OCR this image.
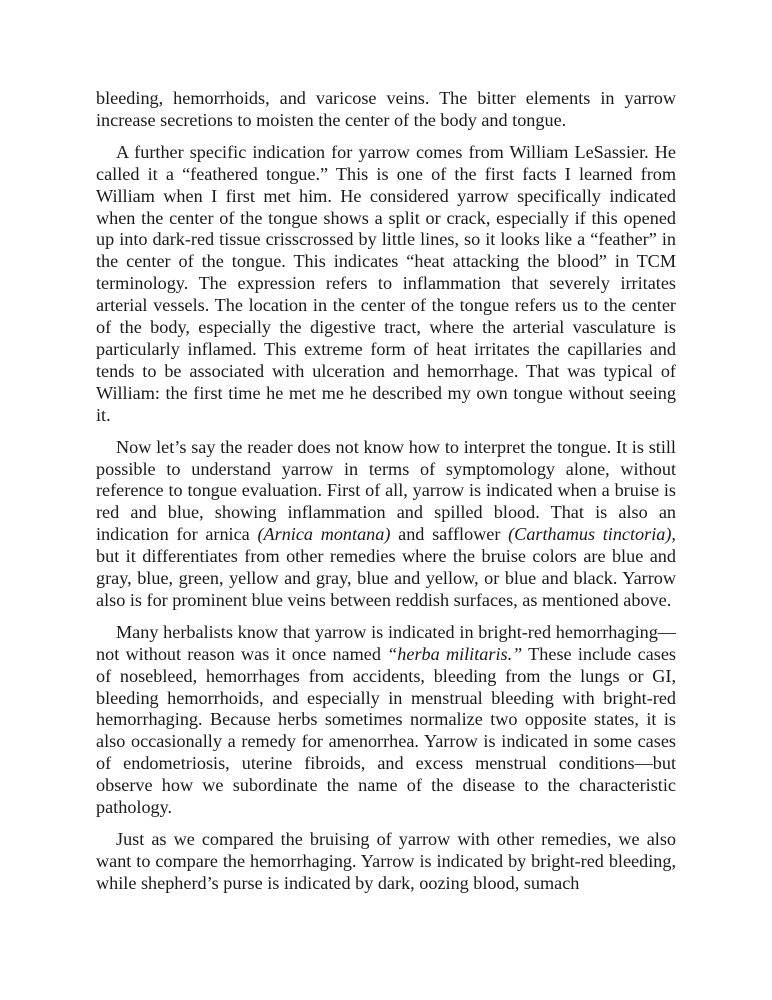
bleeding, hemorrhoids, and varicose veins. The bitter elements in yarrow increase secretions to moisten the center of the body and tongue.

A further specific indication for yarrow comes from William LeSassier. He called it a “feathered tongue.” This is one of the first facts I learned from William when I first met him. He considered yarrow specifically indicated when the center of the tongue shows a split or crack, especially if this opened up into dark-red tissue crisscrossed by little lines, so it looks like a “feather” in the center of the tongue. This indicates “heat attacking the blood” in TCM terminology. The expression refers to inflammation that severely irritates arterial vessels. The location in the center of the tongue refers us to the center of the body, especially the digestive tract, where the arterial vasculature is particularly inflamed. This extreme form of heat irritates the capillaries and tends to be associated with ulceration and hemorrhage. That was typical of William: the first time he met me he described my own tongue without seeing it.

Now let’s say the reader does not know how to interpret the tongue. It is still possible to understand yarrow in terms of symptomology alone, without reference to tongue evaluation. First of all, yarrow is indicated when a bruise is red and blue, showing inflammation and spilled blood. That is also an indication for arnica (Arnica montana) and safflower (Carthamus tinctoria), but it differentiates from other remedies where the bruise colors are blue and gray, blue, green, yellow and gray, blue and yellow, or blue and black. Yarrow also is for prominent blue veins between reddish surfaces, as mentioned above.

Many herbalists know that yarrow is indicated in bright-red hemorrhaging—not without reason was it once named “herba militaris.” These include cases of nosebleed, hemorrhages from accidents, bleeding from the lungs or GI, bleeding hemorrhoids, and especially in menstrual bleeding with bright-red hemorrhaging. Because herbs sometimes normalize two opposite states, it is also occasionally a remedy for amenorrhea. Yarrow is indicated in some cases of endometriosis, uterine fibroids, and excess menstrual conditions—but observe how we subordinate the name of the disease to the characteristic pathology.

Just as we compared the bruising of yarrow with other remedies, we also want to compare the hemorrhaging. Yarrow is indicated by bright-red bleeding, while shepherd’s purse is indicated by dark, oozing blood, sumach
